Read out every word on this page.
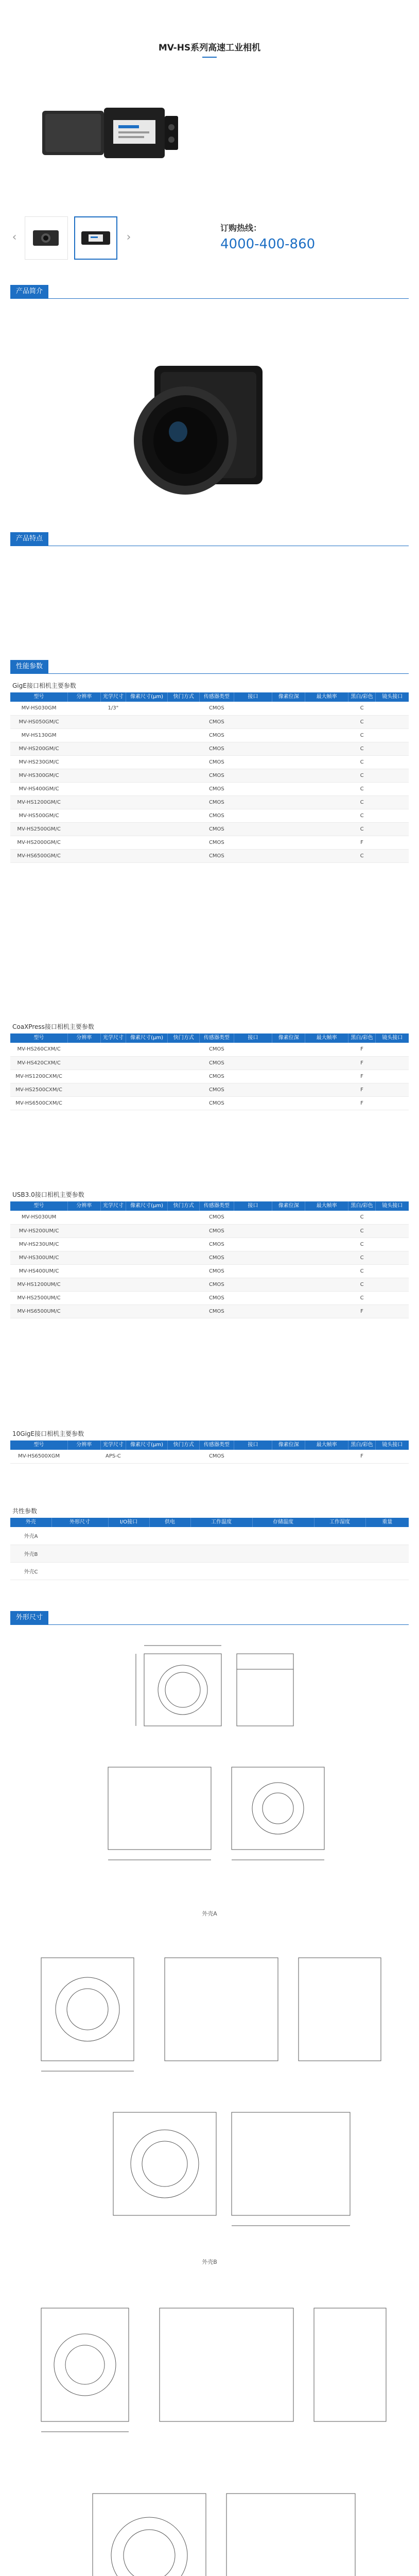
MV-HS系列高速工业相机
‹	›
订购热线：
4000-400-860
产品简介
产品特点
性能参数
GigE接口相机主要参数
型号	分辨率	光学尺寸	像素尺寸(μm)	快门方式	传感器类型	接口	像素位深	最大帧率	黑白/彩色	镜头接口
MV-HS030GM		1/3"			CMOS				C	
MV-HS050GM/C					CMOS				C	
MV-HS130GM					CMOS				C	
MV-HS200GM/C					CMOS				C	
MV-HS230GM/C					CMOS				C	
MV-HS300GM/C					CMOS				C	
MV-HS400GM/C					CMOS				C	
MV-HS1200GM/C					CMOS				C	
MV-HS500GM/C					CMOS				C	
MV-HS2500GM/C					CMOS				C	
MV-HS2000GM/C					CMOS				F	
MV-HS6500GM/C					CMOS				C	
CoaXPress接口相机主要参数
型号	分辨率	光学尺寸	像素尺寸(μm)	快门方式	传感器类型	接口	像素位深	最大帧率	黑白/彩色	镜头接口
MV-HS260CXM/C					CMOS				F	
MV-HS420CXM/C					CMOS				F	
MV-HS1200CXM/C					CMOS				F	
MV-HS2500CXM/C					CMOS				F	
MV-HS6500CXM/C					CMOS				F	
USB3.0接口相机主要参数
型号	分辨率	光学尺寸	像素尺寸(μm)	快门方式	传感器类型	接口	像素位深	最大帧率	黑白/彩色	镜头接口
MV-HS030UM					CMOS				C	
MV-HS200UM/C					CMOS				C	
MV-HS230UM/C					CMOS				C	
MV-HS300UM/C					CMOS				C	
MV-HS400UM/C					CMOS				C	
MV-HS1200UM/C					CMOS				C	
MV-HS2500UM/C					CMOS				C	
MV-HS6500UM/C					CMOS				F	
10GigE接口相机主要参数
型号	分辨率	光学尺寸	像素尺寸(μm)	快门方式	传感器类型	接口	像素位深	最大帧率	黑白/彩色	镜头接口
MV-HS6500XGM		APS-C			CMOS				F	
共性参数
外壳	外形尺寸	I/O接口	供电	工作温度	存储温度	工作湿度	重量
外壳A							
外壳B							
外壳C							
外形尺寸
外壳A
外壳B
